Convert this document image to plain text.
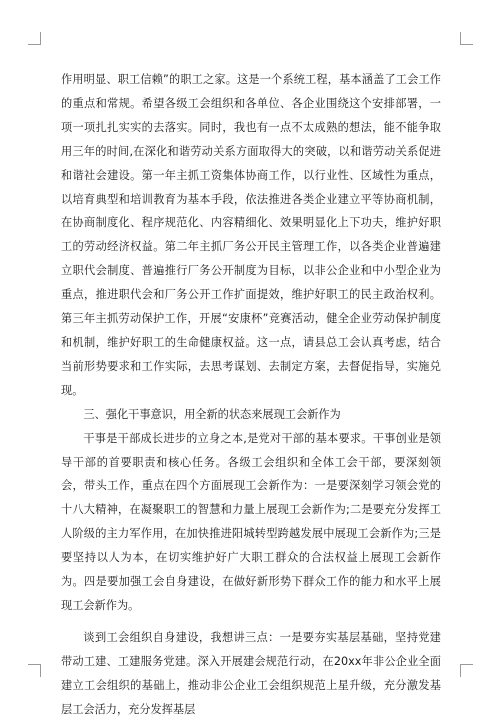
作用明显、职工信赖”的职工之家。这是一个系统工程，基本涵盖了工会工作的重点和常规。希望各级工会组织和各单位、各企业围绕这个安排部署，一项一项扎扎实实的去落实。同时，我也有一点不太成熟的想法，能不能争取用三年的时间,在深化和谐劳动关系方面取得大的突破，以和谐劳动关系促进和谐社会建设。第一年主抓工资集体协商工作，以行业性、区域性为重点，以培育典型和培训教育为基本手段，依法推进各类企业建立平等协商机制，在协商制度化、程序规范化、内容精细化、效果明显化上下功夫，维护好职工的劳动经济权益。第二年主抓厂务公开民主管理工作，以各类企业普遍建立职代会制度、普遍推行厂务公开制度为目标，以非公企业和中小型企业为重点，推进职代会和厂务公开工作扩面提效，维护好职工的民主政治权利。第三年主抓劳动保护工作，开展“安康杯”竞赛活动，健全企业劳动保护制度和机制，维护好职工的生命健康权益。这一点，请县总工会认真考虑，结合当前形势要求和工作实际，去思考谋划、去制定方案，去督促指导，实施兑现。

三、强化干事意识，用全新的状态来展现工会新作为

干事是干部成长进步的立身之本,是党对干部的基本要求。干事创业是领导干部的首要职责和核心任务。各级工会组织和全体工会干部，要深刻领会，带头工作，重点在四个方面展现工会新作为：一是要深刻学习领会党的十八大精神，在凝聚职工的智慧和力量上展现工会新作为;二是要充分发挥工人阶级的主力军作用，在加快推进阳城转型跨越发展中展现工会新作为;三是要坚持以人为本，在切实维护好广大职工群众的合法权益上展现工会新作为。四是要加强工会自身建设，在做好新形势下群众工作的能力和水平上展现工会新作为。

谈到工会组织自身建设，我想讲三点：一是要夯实基层基础，坚持党建带动工建、工建服务党建。深入开展建会规范行动，在20xx年非公企业全面建立工会组织的基础上，推动非公企业工会组织规范上星升级，充分激发基层工会活力，充分发挥基层
